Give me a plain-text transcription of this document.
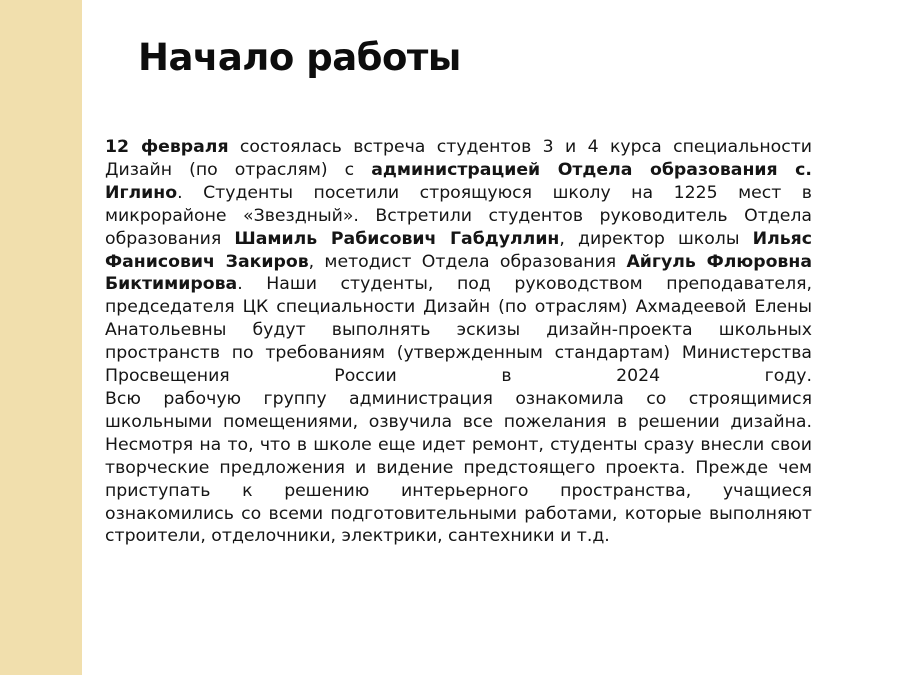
Начало работы
12 февраля состоялась встреча студентов 3 и 4 курса специальности Дизайн (по отраслям) с администрацией Отдела образования с. Иглино. Студенты посетили строящуюся школу на 1225 мест в микрорайоне «Звездный». Встретили студентов руководитель Отдела образования Шамиль Рабисович Габдуллин, директор школы Ильяс Фанисович Закиров, методист Отдела образования Айгуль Флюровна Биктимирова. Наши студенты, под руководством преподавателя, председателя ЦК специальности Дизайн (по отраслям) Ахмадеевой Елены Анатольевны будут выполнять эскизы дизайн-проекта школьных пространств по требованиям (утвержденным стандартам) Министерства Просвещения России в 2024 году.
Всю рабочую группу администрация ознакомила со строящимися школьными помещениями, озвучила все пожелания в решении дизайна. Несмотря на то, что в школе еще идет ремонт, студенты сразу внесли свои творческие предложения и видение предстоящего проекта. Прежде чем приступать к решению интерьерного пространства, учащиеся ознакомились со всеми подготовительными работами, которые выполняют строители, отделочники, электрики, сантехники и т.д.
